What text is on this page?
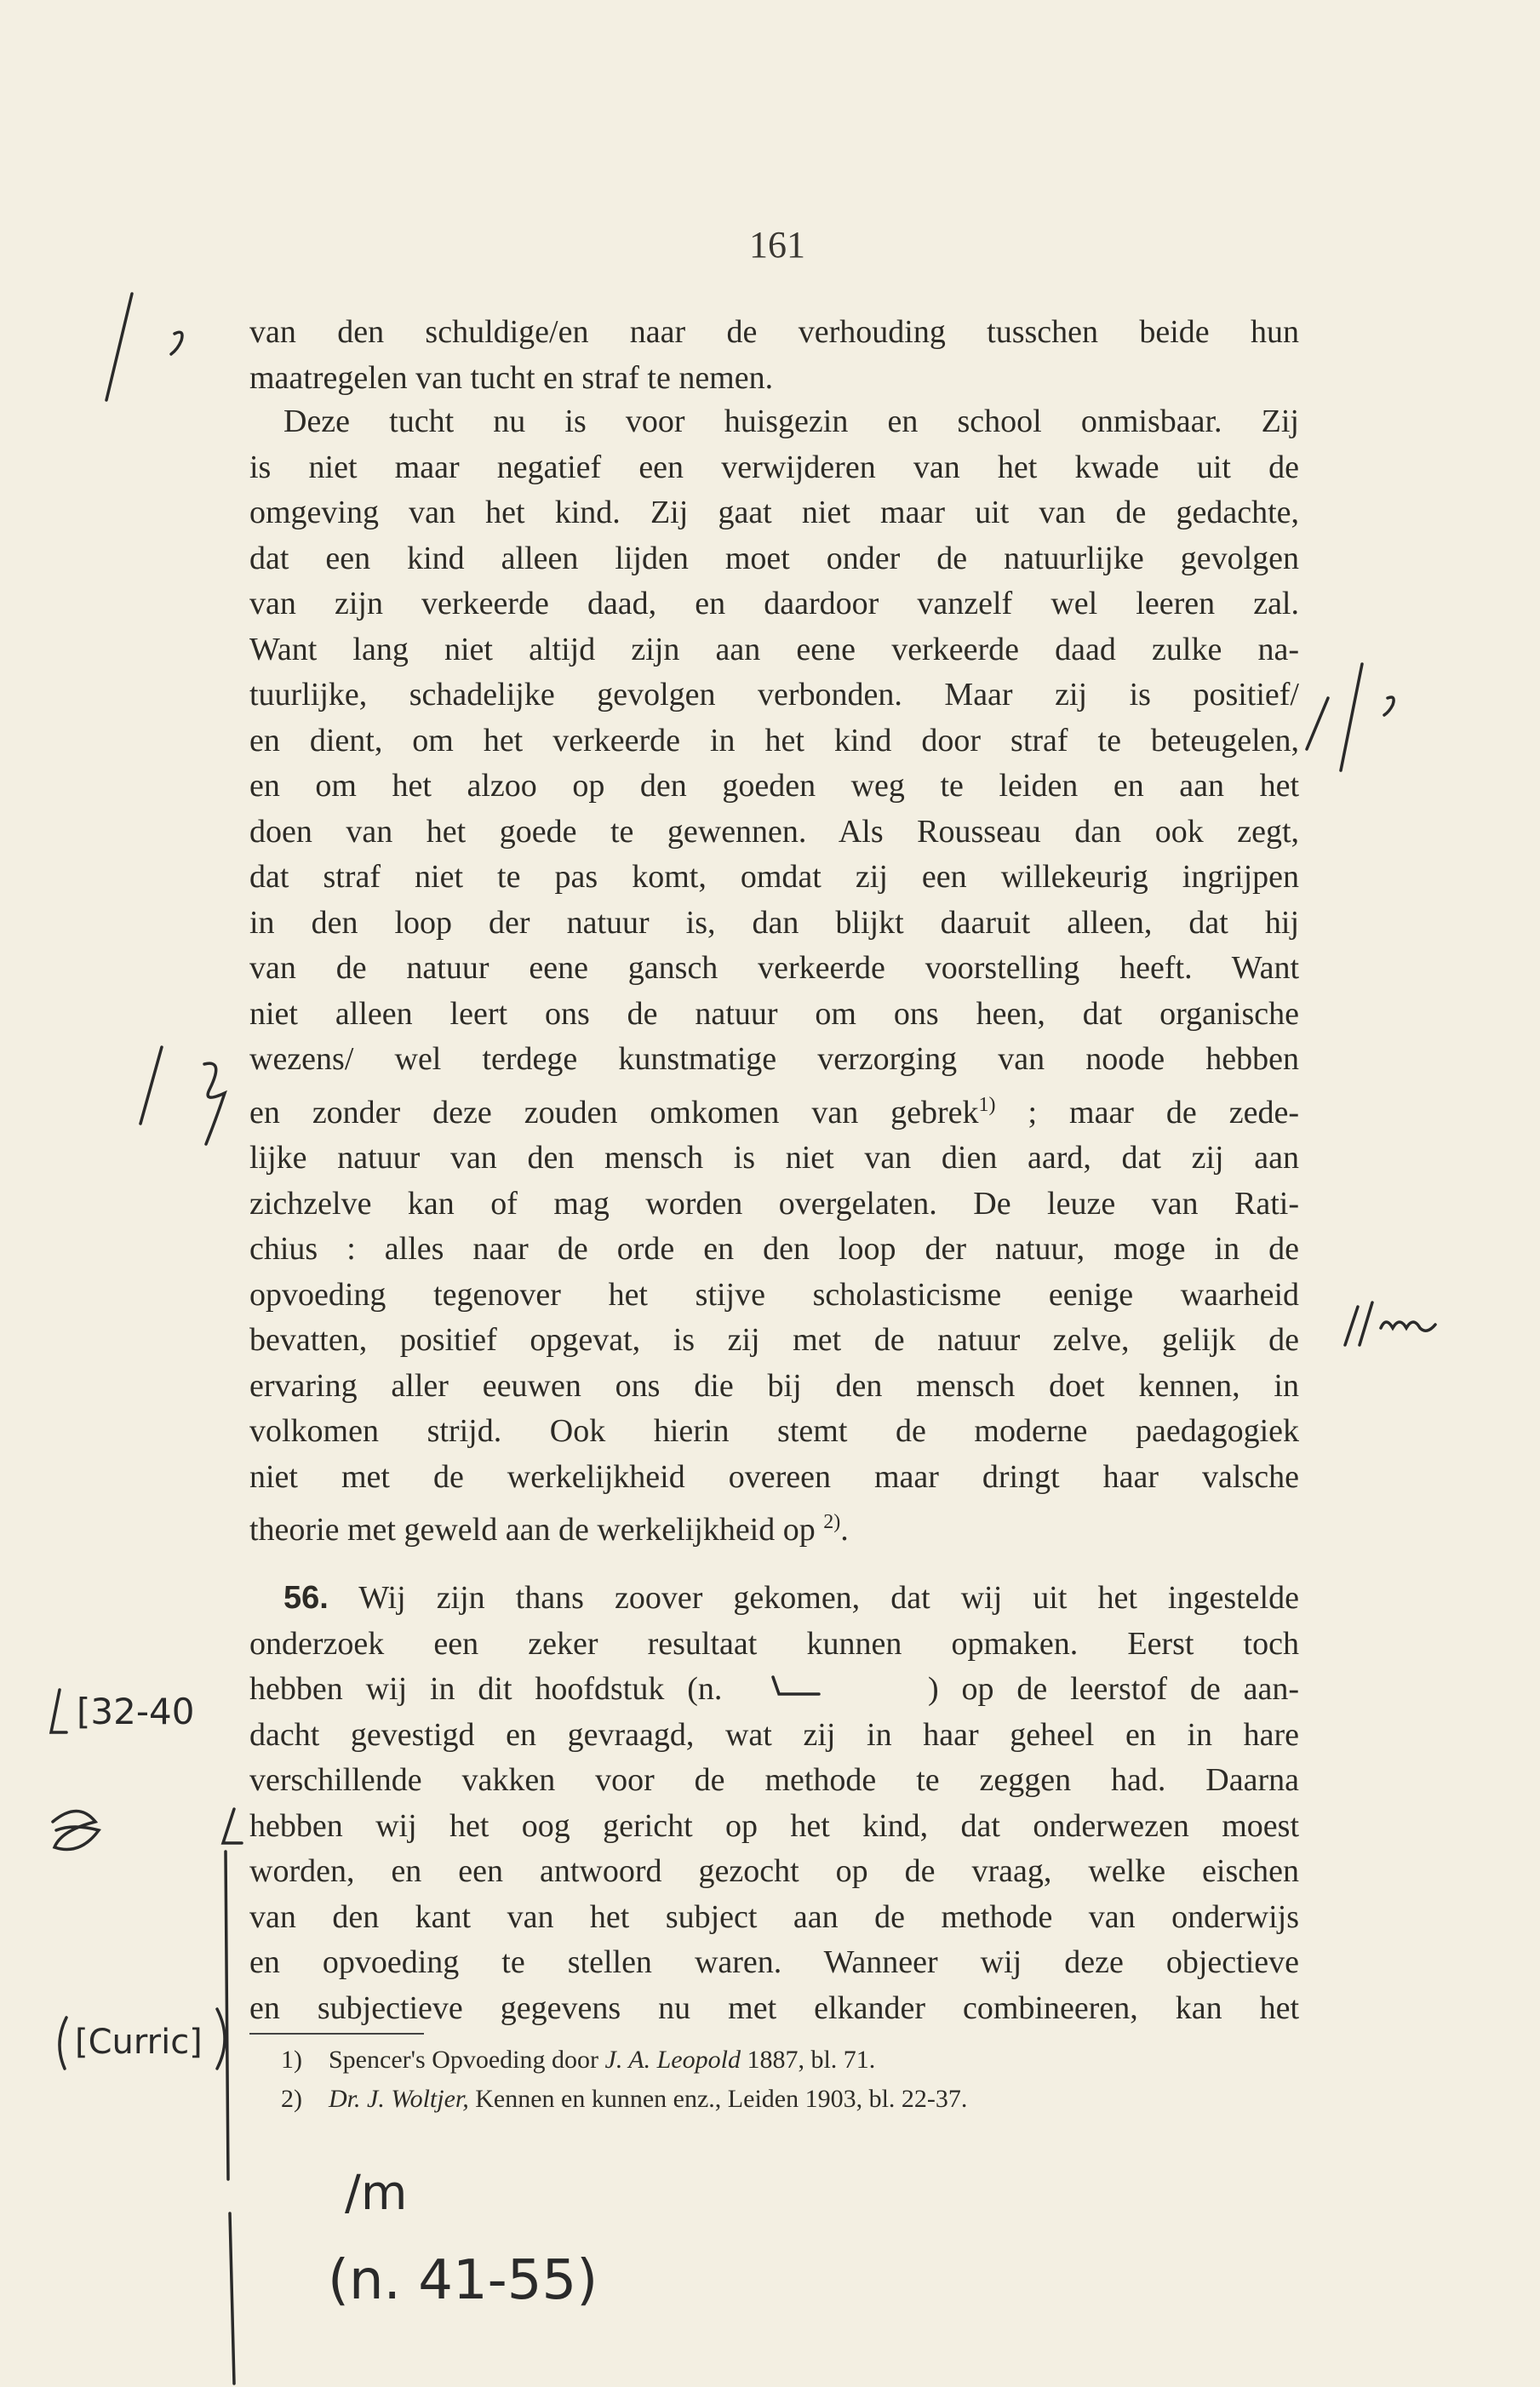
161
van den schuldige/en naar de verhouding tusschen beide hun
maatregelen van tucht en straf te nemen.
Deze tucht nu is voor huisgezin en school onmisbaar. Zij
is niet maar negatief een verwijderen van het kwade uit de
omgeving van het kind. Zij gaat niet maar uit van de gedachte,
dat een kind alleen lijden moet onder de natuurlijke gevolgen
van zijn verkeerde daad, en daardoor vanzelf wel leeren zal.
Want lang niet altijd zijn aan eene verkeerde daad zulke na-
tuurlijke, schadelijke gevolgen verbonden. Maar zij is positief/
en dient, om het verkeerde in het kind door straf te beteugelen,
en om het alzoo op den goeden weg te leiden en aan het
doen van het goede te gewennen. Als Rousseau dan ook zegt,
dat straf niet te pas komt, omdat zij een willekeurig ingrijpen
in den loop der natuur is, dan blijkt daaruit alleen, dat hij
van de natuur eene gansch verkeerde voorstelling heeft. Want
niet alleen leert ons de natuur om ons heen, dat organische
wezens/ wel terdege kunstmatige verzorging van noode hebben
en zonder deze zouden omkomen van gebrek$^{1)}$ ; maar de zede-
lijke natuur van den mensch is niet van dien aard, dat zij aan
zichzelve kan of mag worden overgelaten. De leuze van Rati-
chius : alles naar de orde en den loop der natuur, moge in de
opvoeding tegenover het stijve scholasticisme eenige waarheid
bevatten, positief opgevat, is zij met de natuur zelve, gelijk de
ervaring aller eeuwen ons die bij den mensch doet kennen, in
volkomen strijd. Ook hierin stemt de moderne paedagogiek
niet met de werkelijkheid overeen maar dringt haar valsche
theorie met geweld aan de werkelijkheid op $^{2)}$.
56. Wij zijn thans zoover gekomen, dat wij uit het ingestelde
onderzoek een zeker resultaat kunnen opmaken. Eerst toch
hebben wij in dit hoofdstuk (n.         ) op de leerstof de aan-
dacht gevestigd en gevraagd, wat zij in haar geheel en in hare
verschillende vakken voor de methode te zeggen had. Daarna
hebben wij het oog gericht op het kind, dat onderwezen moest
worden, en een antwoord gezocht op de vraag, welke eischen
van den kant van het subject aan de methode van onderwijs
en opvoeding te stellen waren. Wanneer wij deze objectieve
en subjectieve gegevens nu met elkander combineeren, kan het
1) Spencer's Opvoeding door J. A. Leopold 1887, bl. 71.
2) Dr. J. Woltjer, Kennen en kunnen enz., Leiden 1903, bl. 22-37.
[32-40
[Curric]
/m
(n. 41-55)
